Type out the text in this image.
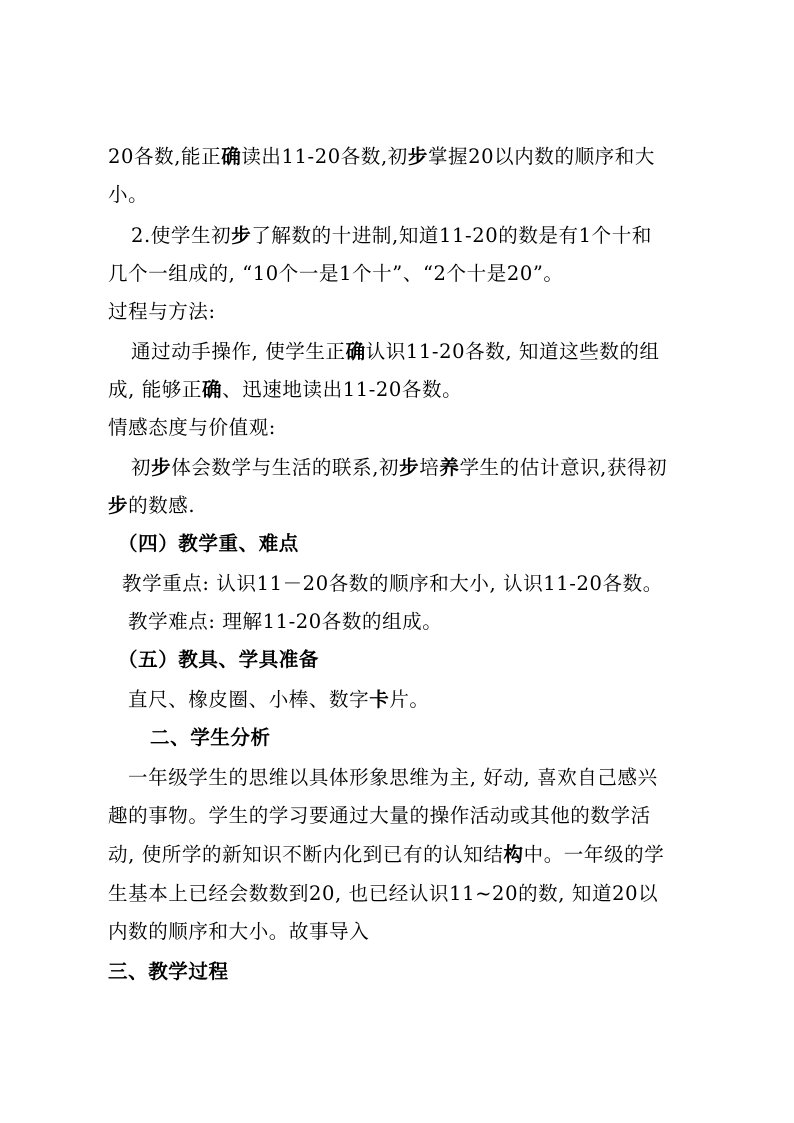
20各数,能正确读出11-20各数,初步掌握20以内数的顺序和大
小。
2.使学生初步了解数的十进制,知道11-20的数是有1个十和
几个一组成的, “10个一是1个十”、“2个十是20”。
过程与方法:
通过动手操作, 使学生正确认识11-20各数, 知道这些数的组
成, 能够正确、迅速地读出11-20各数。
情感态度与价值观:
初步体会数学与生活的联系,初步培养学生的估计意识,获得初
步的数感.
（四）教学重、难点
教学重点: 认识11－20各数的顺序和大小, 认识11-20各数。
教学难点: 理解11-20各数的组成。
（五）教具、学具准备
直尺、橡皮圈、小棒、数字卡片。
二、学生分析
一年级学生的思维以具体形象思维为主, 好动, 喜欢自己感兴
趣的事物。学生的学习要通过大量的操作活动或其他的数学活
动, 使所学的新知识不断内化到已有的认知结构中。一年级的学
生基本上已经会数数到20, 也已经认识11~20的数, 知道20以
内数的顺序和大小。故事导入
三、教学过程
